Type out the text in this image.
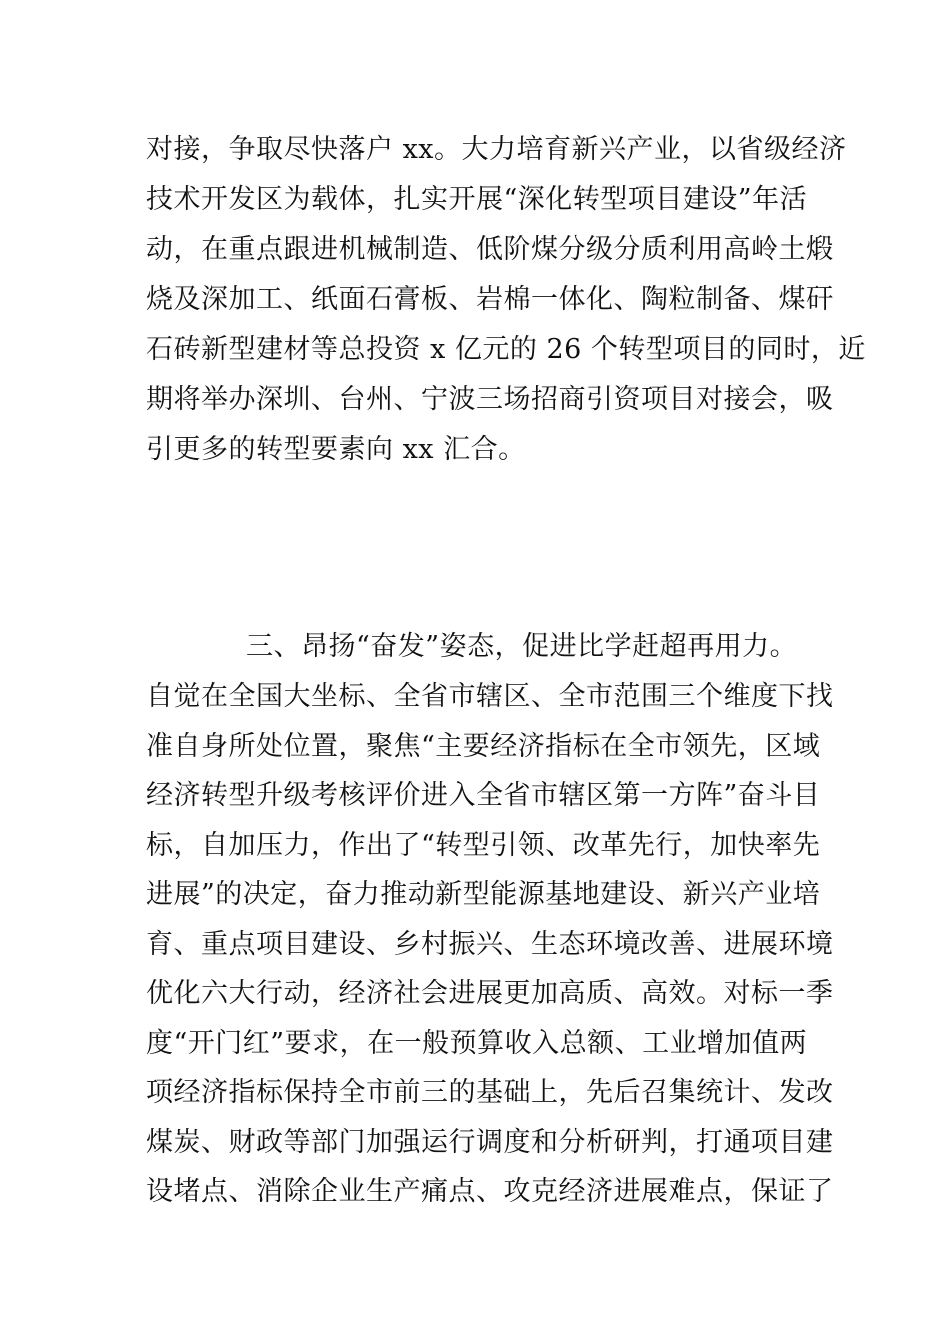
对接，争取尽快落户 xx。大力培育新兴产业，以省级经济
技术开发区为载体，扎实开展“深化转型项目建设”年活
动，在重点跟进机械制造、低阶煤分级分质利用高岭土煅
烧及深加工、纸面石膏板、岩棉一体化、陶粒制备、煤矸
石砖新型建材等总投资 x 亿元的 26 个转型项目的同时，近
期将举办深圳、台州、宁波三场招商引资项目对接会，吸
引更多的转型要素向 xx 汇合。
三、昂扬“奋发”姿态，促进比学赶超再用力。
自觉在全国大坐标、全省市辖区、全市范围三个维度下找
准自身所处位置，聚焦“主要经济指标在全市领先，区域
经济转型升级考核评价进入全省市辖区第一方阵”奋斗目
标，自加压力，作出了“转型引领、改革先行，加快率先
进展”的决定，奋力推动新型能源基地建设、新兴产业培
育、重点项目建设、乡村振兴、生态环境改善、进展环境
优化六大行动，经济社会进展更加高质、高效。对标一季
度“开门红”要求，在一般预算收入总额、工业增加值两
项经济指标保持全市前三的基础上，先后召集统计、发改
煤炭、财政等部门加强运行调度和分析研判，打通项目建
设堵点、消除企业生产痛点、攻克经济进展难点，保证了
